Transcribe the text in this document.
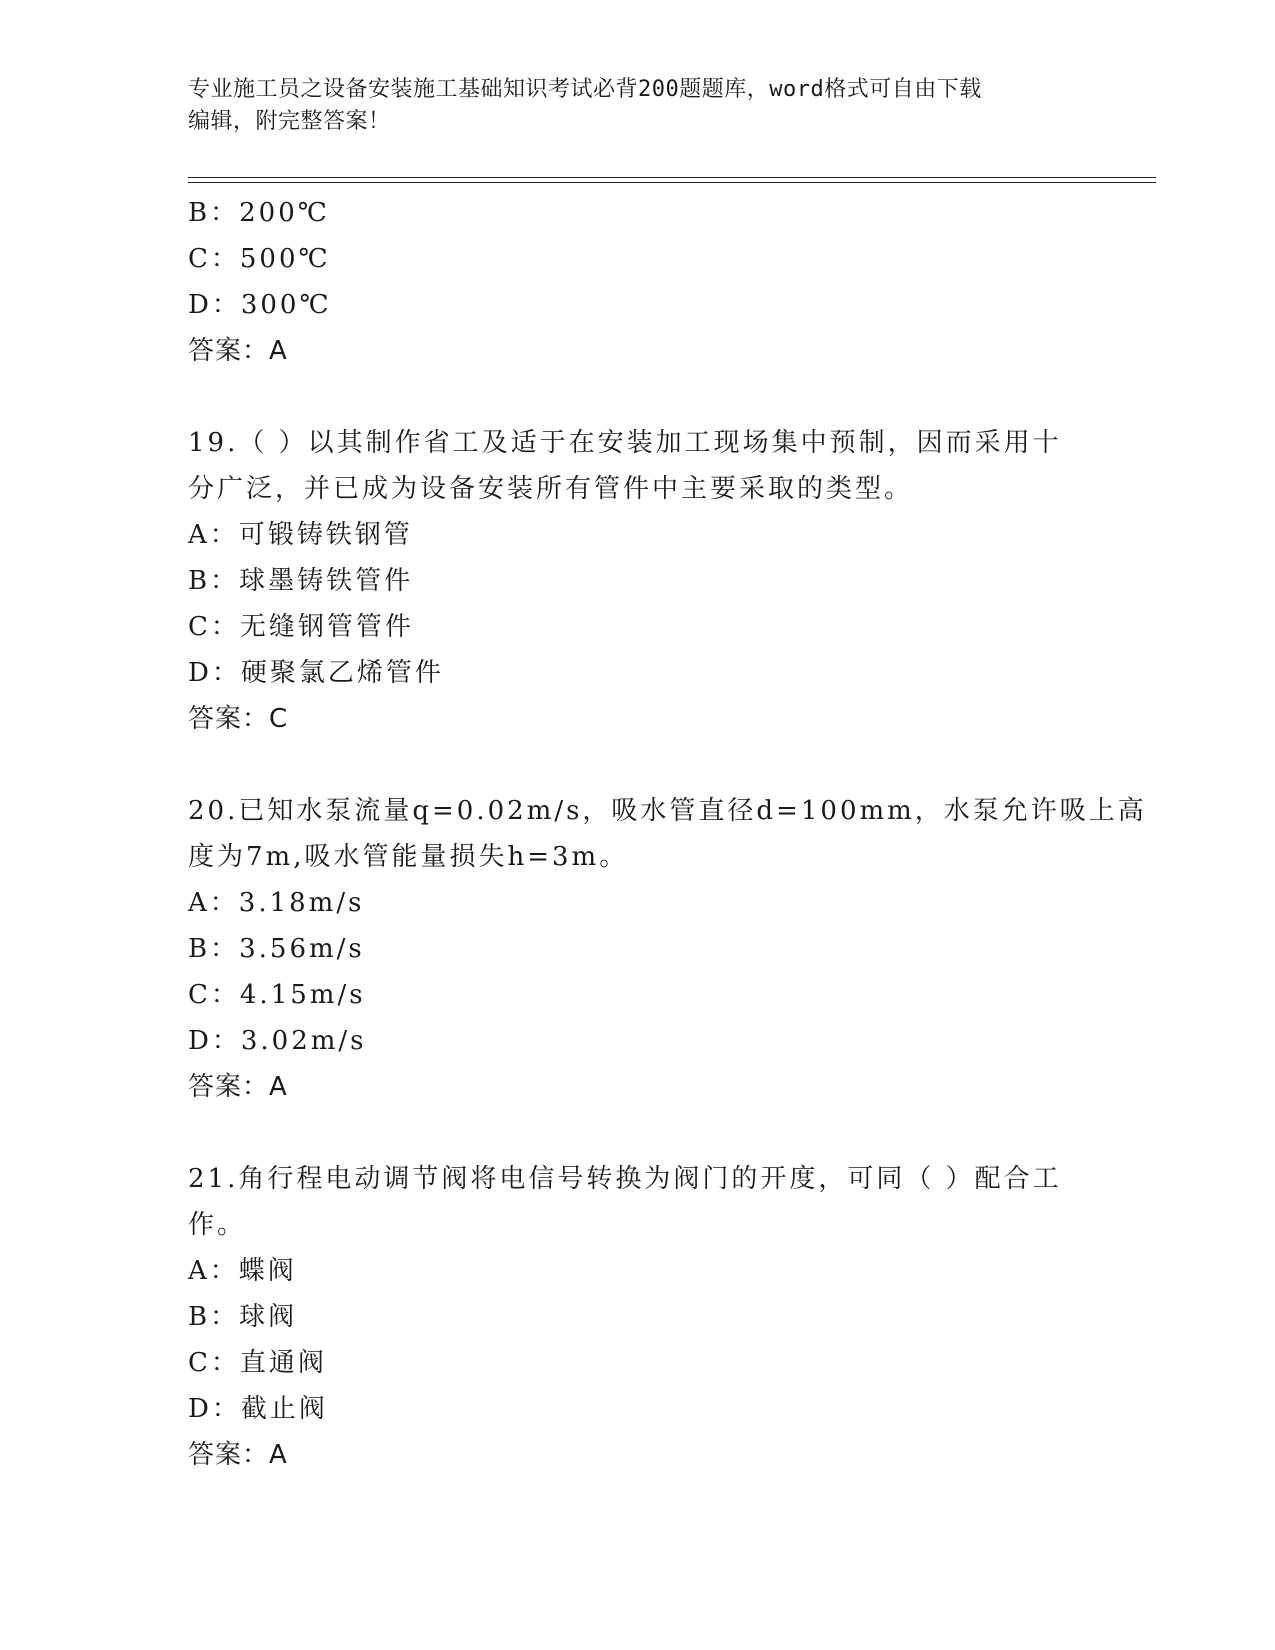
专业施工员之设备安装施工基础知识考试必背200题题库，word格式可自由下载
编辑，附完整答案！
B：200℃
C：500℃
D：300℃
答案：A
19.（ ）以其制作省工及适于在安装加工现场集中预制，因而采用十
分广泛，并已成为设备安装所有管件中主要采取的类型。
A：可锻铸铁钢管
B：球墨铸铁管件
C：无缝钢管管件
D：硬聚氯乙烯管件
答案：C
20.已知水泵流量q=0.02m/s，吸水管直径d=100mm，水泵允许吸上高
度为7m,吸水管能量损失h=3m。
A：3.18m/s
B：3.56m/s
C：4.15m/s
D：3.02m/s
答案：A
21.角行程电动调节阀将电信号转换为阀门的开度，可同（ ）配合工
作。
A：蝶阀
B：球阀
C：直通阀
D：截止阀
答案：A
